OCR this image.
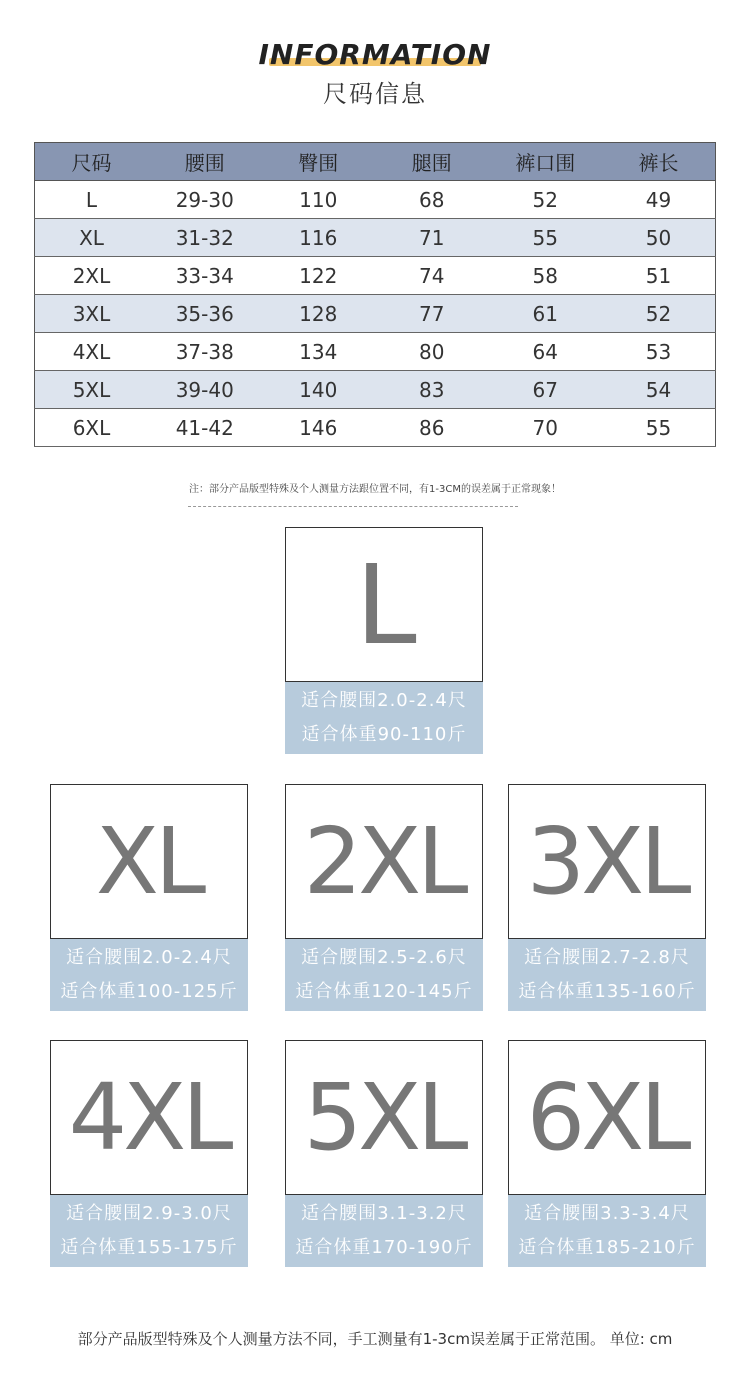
INFORMATION
尺码信息
尺码	腰围	臀围	腿围	裤口围	裤长
L	29-30	110	68	52	49
XL	31-32	116	71	55	50
2XL	33-34	122	74	58	51
3XL	35-36	128	77	61	52
4XL	37-38	134	80	64	53
5XL	39-40	140	83	67	54
6XL	41-42	146	86	70	55
注：部分产品版型特殊及个人测量方法跟位置不同，有1-3CM的误差属于正常现象！
L
适合腰围2.0-2.4尺
适合体重90-110斤
XL
适合腰围2.0-2.4尺
适合体重100-125斤
2XL
适合腰围2.5-2.6尺
适合体重120-145斤
3XL
适合腰围2.7-2.8尺
适合体重135-160斤
4XL
适合腰围2.9-3.0尺
适合体重155-175斤
5XL
适合腰围3.1-3.2尺
适合体重170-190斤
6XL
适合腰围3.3-3.4尺
适合体重185-210斤
部分产品版型特殊及个人测量方法不同，手工测量有1-3cm误差属于正常范围。 单位: cm
